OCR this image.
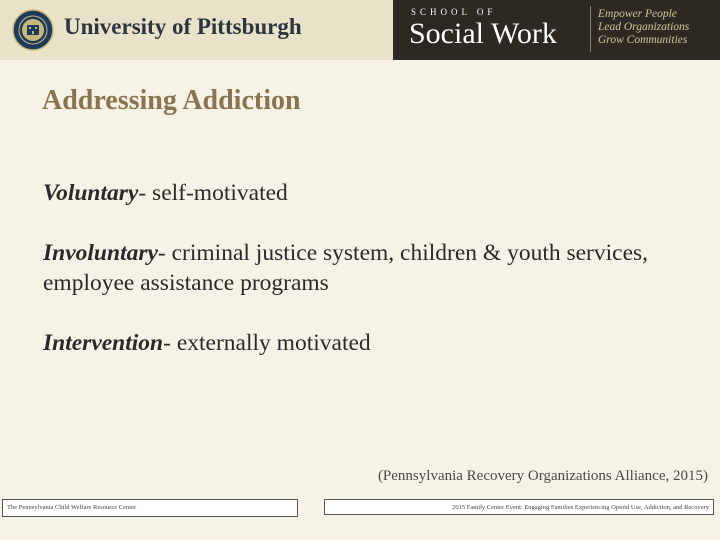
University of Pittsburgh
SCHOOL OF
Social Work
Empower People
Lead Organizations
Grow Communities
Addressing Addiction
Voluntary- self-motivated
Involuntary- criminal justice system, children & youth services, employee assistance programs
Intervention- externally motivated
(Pennsylvania Recovery Organizations Alliance, 2015)
The Pennsylvania Child Welfare Resource Center	2015 Family Center Event: Engaging Families Experiencing Opioid Use, Addiction, and Recovery
